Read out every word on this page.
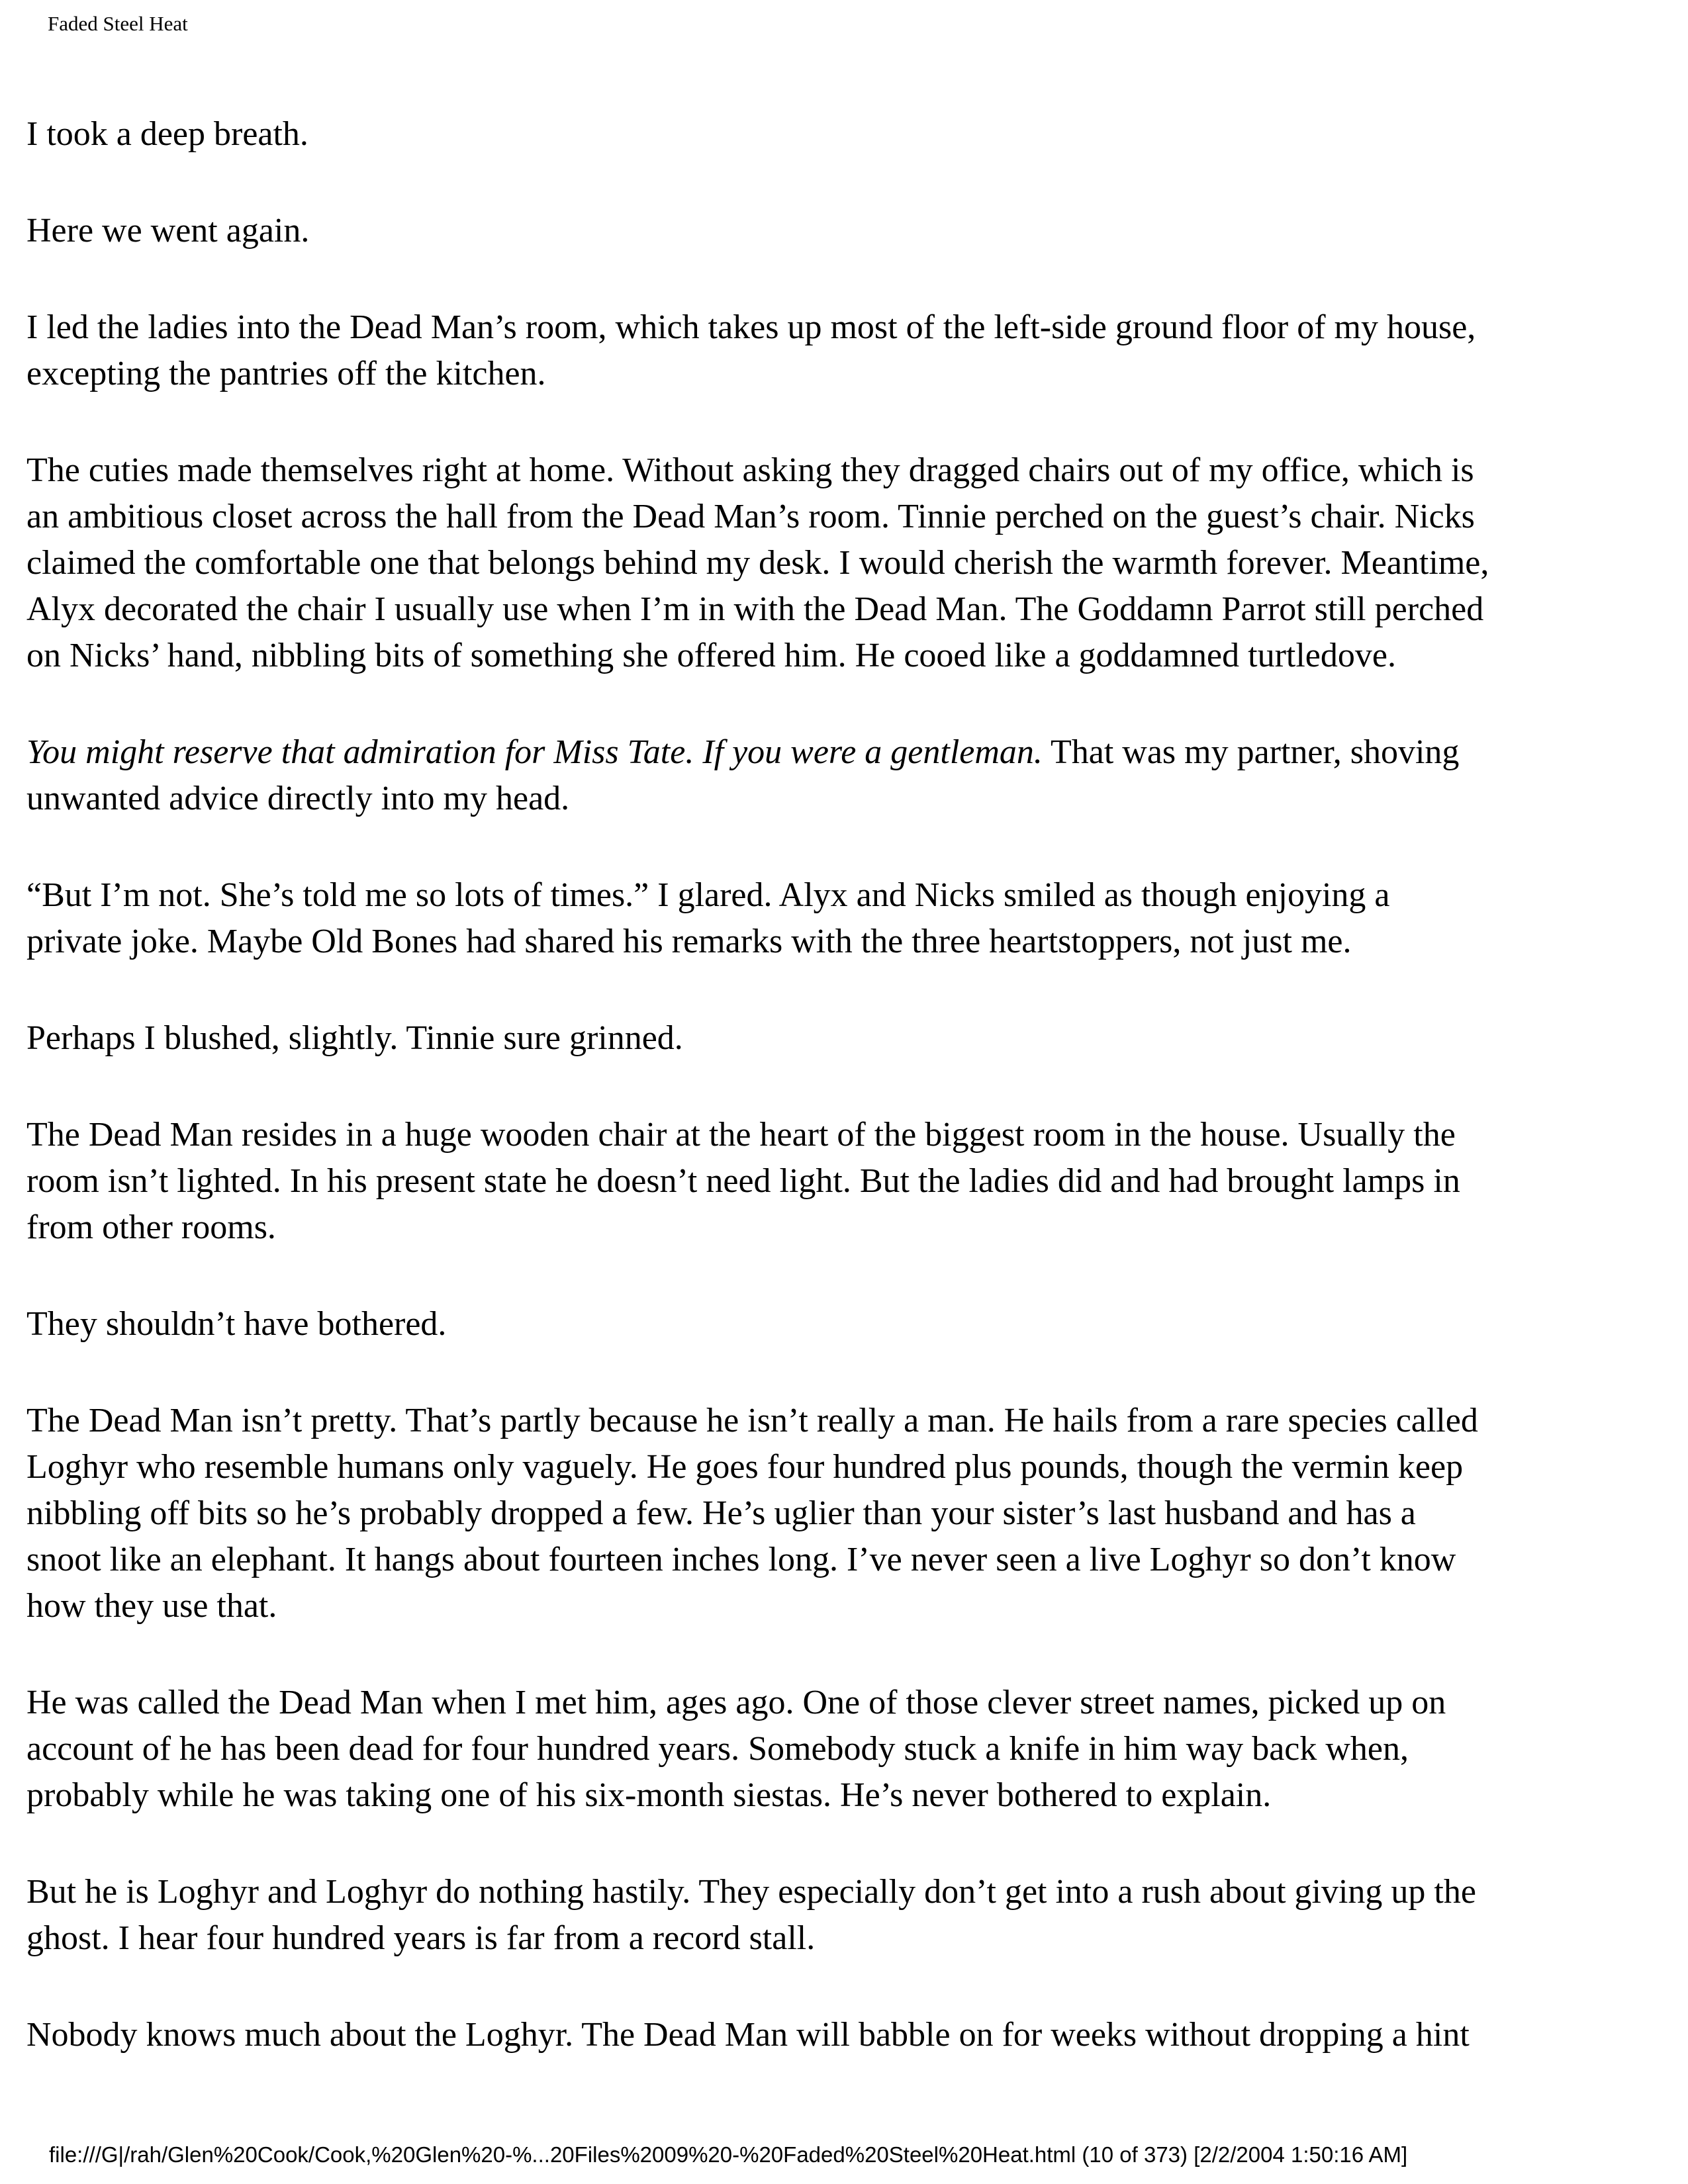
Faded Steel Heat

I took a deep breath.

Here we went again.

I led the ladies into the Dead Man’s room, which takes up most of the left-side ground floor of my house,
excepting the pantries off the kitchen.

The cuties made themselves right at home. Without asking they dragged chairs out of my office, which is
an ambitious closet across the hall from the Dead Man’s room. Tinnie perched on the guest’s chair. Nicks
claimed the comfortable one that belongs behind my desk. I would cherish the warmth forever. Meantime,
Alyx decorated the chair I usually use when I’m in with the Dead Man. The Goddamn Parrot still perched
on Nicks’ hand, nibbling bits of something she offered him. He cooed like a goddamned turtledove.

You might reserve that admiration for Miss Tate. If you were a gentleman. That was my partner, shoving
unwanted advice directly into my head.

“But I’m not. She’s told me so lots of times.” I glared. Alyx and Nicks smiled as though enjoying a
private joke. Maybe Old Bones had shared his remarks with the three heartstoppers, not just me.

Perhaps I blushed, slightly. Tinnie sure grinned.

The Dead Man resides in a huge wooden chair at the heart of the biggest room in the house. Usually the
room isn’t lighted. In his present state he doesn’t need light. But the ladies did and had brought lamps in
from other rooms.

They shouldn’t have bothered.

The Dead Man isn’t pretty. That’s partly because he isn’t really a man. He hails from a rare species called
Loghyr who resemble humans only vaguely. He goes four hundred plus pounds, though the vermin keep
nibbling off bits so he’s probably dropped a few. He’s uglier than your sister’s last husband and has a
snoot like an elephant. It hangs about fourteen inches long. I’ve never seen a live Loghyr so don’t know
how they use that.

He was called the Dead Man when I met him, ages ago. One of those clever street names, picked up on
account of he has been dead for four hundred years. Somebody stuck a knife in him way back when,
probably while he was taking one of his six-month siestas. He’s never bothered to explain.

But he is Loghyr and Loghyr do nothing hastily. They especially don’t get into a rush about giving up the
ghost. I hear four hundred years is far from a record stall.

Nobody knows much about the Loghyr. The Dead Man will babble on for weeks without dropping a hint

file:///G|/rah/Glen%20Cook/Cook,%20Glen%20-%...20Files%2009%20-%20Faded%20Steel%20Heat.html (10 of 373) [2/2/2004 1:50:16 AM]
